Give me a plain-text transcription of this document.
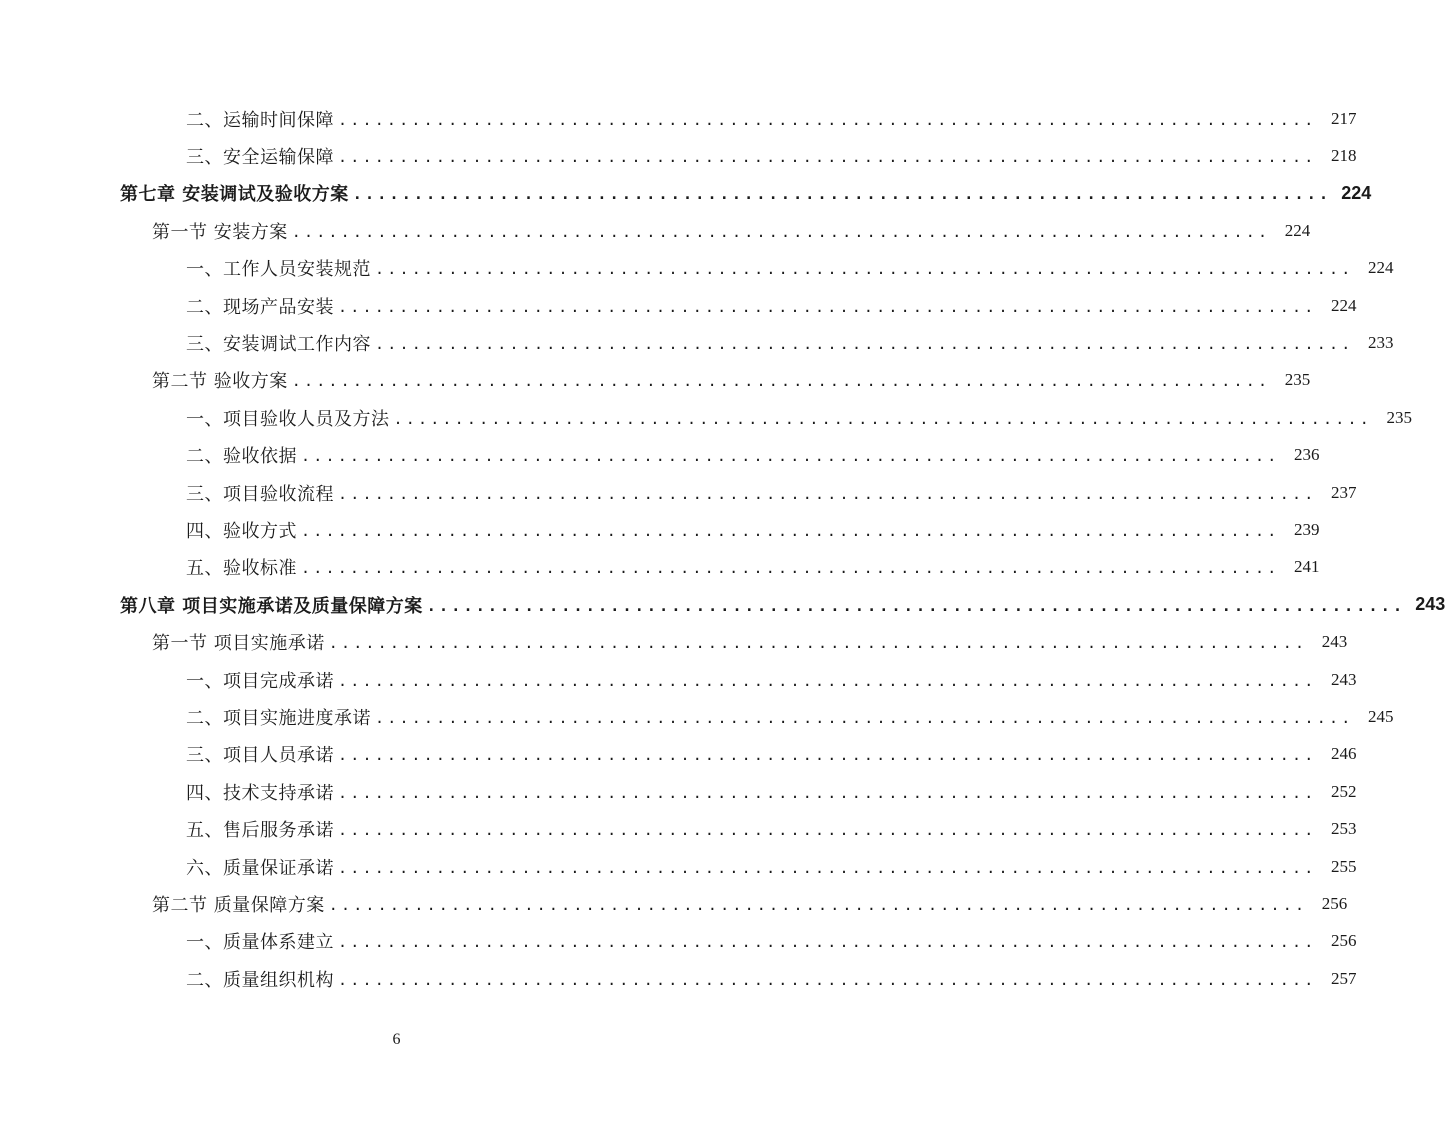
二、运输时间保障 ................................................................................ 217
三、安全运输保障 ................................................................................ 218
第七章 安装调试及验收方案 ................................................................................ 224
第一节 安装方案 ................................................................................ 224
一、工作人员安装规范 ................................................................................ 224
二、现场产品安装 ................................................................................ 224
三、安装调试工作内容 ................................................................................ 233
第二节 验收方案 ................................................................................ 235
一、项目验收人员及方法 ................................................................................ 235
二、验收依据 ................................................................................ 236
三、项目验收流程 ................................................................................ 237
四、验收方式 ................................................................................ 239
五、验收标准 ................................................................................ 241
第八章 项目实施承诺及质量保障方案 ................................................................................ 243
第一节 项目实施承诺 ................................................................................ 243
一、项目完成承诺 ................................................................................ 243
二、项目实施进度承诺 ................................................................................ 245
三、项目人员承诺 ................................................................................ 246
四、技术支持承诺 ................................................................................ 252
五、售后服务承诺 ................................................................................ 253
六、质量保证承诺 ................................................................................ 255
第二节 质量保障方案 ................................................................................ 256
一、质量体系建立 ................................................................................ 256
二、质量组织机构 ................................................................................ 257
6
